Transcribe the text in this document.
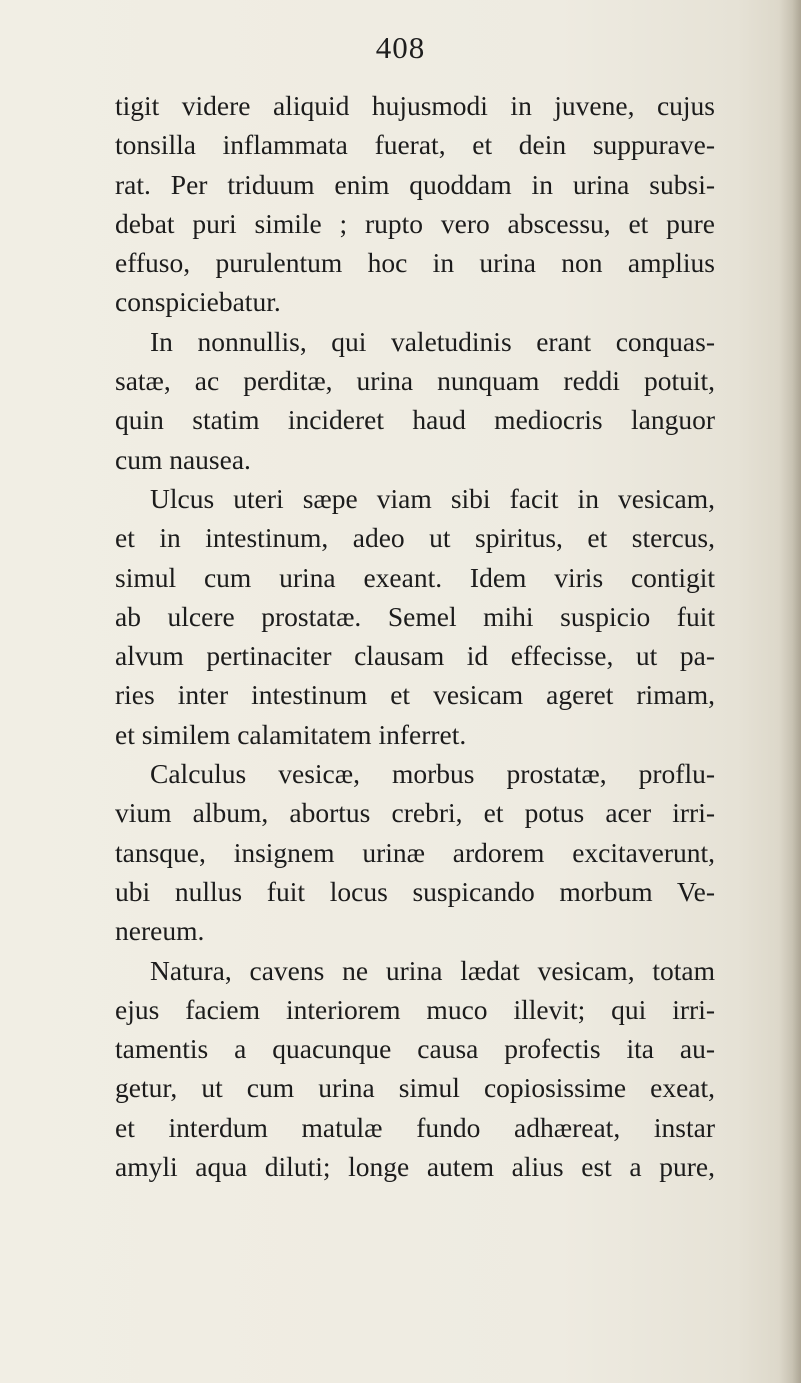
408
tigit videre aliquid hujusmodi in juvene, cujus
tonsilla inflammata fuerat, et dein suppurave-
rat. Per triduum enim quoddam in urina subsi-
debat puri simile ; rupto vero abscessu, et pure
effuso, purulentum hoc in urina non amplius
conspiciebatur.
In nonnullis, qui valetudinis erant conquas-
satæ, ac perditæ, urina nunquam reddi potuit,
quin statim incideret haud mediocris languor
cum nausea.
Ulcus uteri sæpe viam sibi facit in vesicam,
et in intestinum, adeo ut spiritus, et stercus,
simul cum urina exeant. Idem viris contigit
ab ulcere prostatæ. Semel mihi suspicio fuit
alvum pertinaciter clausam id effecisse, ut pa-
ries inter intestinum et vesicam ageret rimam,
et similem calamitatem inferret.
Calculus vesicæ, morbus prostatæ, proflu-
vium album, abortus crebri, et potus acer irri-
tansque, insignem urinæ ardorem excitaverunt,
ubi nullus fuit locus suspicando morbum Ve-
nereum.
Natura, cavens ne urina lædat vesicam, totam
ejus faciem interiorem muco illevit; qui irri-
tamentis a quacunque causa profectis ita au-
getur, ut cum urina simul copiosissime exeat,
et interdum matulæ fundo adhæreat, instar
amyli aqua diluti; longe autem alius est a pure,
